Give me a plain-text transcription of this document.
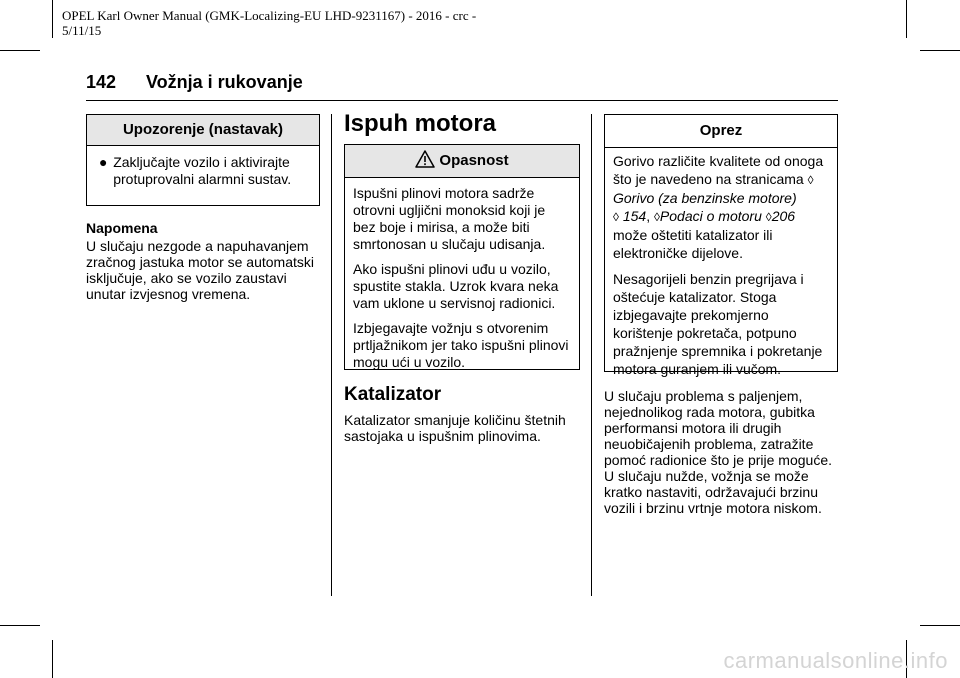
OPEL Karl Owner Manual (GMK-Localizing-EU LHD-9231167) - 2016 - crc -
5/11/15
142 Vožnja i rukovanje
Upozorenje (nastavak)
● Zaključajte vozilo i aktivirajte protuprovalni alarmni sustav.
Napomena
U slučaju nezgode a napuhavanjem zračnog jastuka motor se automatski isključuje, ako se vozilo zaustavi unutar izvjesnog vremena.
Ispuh motora
Opasnost

Ispušni plinovi motora sadrže otrovni ugljični monoksid koji je bez boje i mirisa, a može biti smrtonosan u slučaju udisanja.

Ako ispušni plinovi uđu u vozilo, spustite stakla. Uzrok kvara neka vam uklone u servisnoj radionici.

Izbjegavajte vožnju s otvorenim prtljažnikom jer tako ispušni plinovi mogu ući u vozilo.

Katalizator
Katalizator smanjuje količinu štetnih sastojaka u ispušnim plinovima.
Oprez

Gorivo različite kvalitete od onoga što je navedeno na stranicama ◊ Gorivo (za benzinske motore)
◊ 154, ◊Podaci o motoru ◊206
može oštetiti katalizator ili elektroničke dijelove.

Nesagorijeli benzin pregrijava i oštećuje katalizator. Stoga izbjegavajte prekomjerno korištenje pokretača, potpuno pražnjenje spremnika i pokretanje motora guranjem ili vučom.

U slučaju problema s paljenjem, nejednolikog rada motora, gubitka performansi motora ili drugih neuobičajenih problema, zatražite pomoć radionice što je prije moguće. U slučaju nužde, vožnja se može kratko nastaviti, održavajući brzinu vozili i brzinu vrtnje motora niskom.
carmanualsonline.info
